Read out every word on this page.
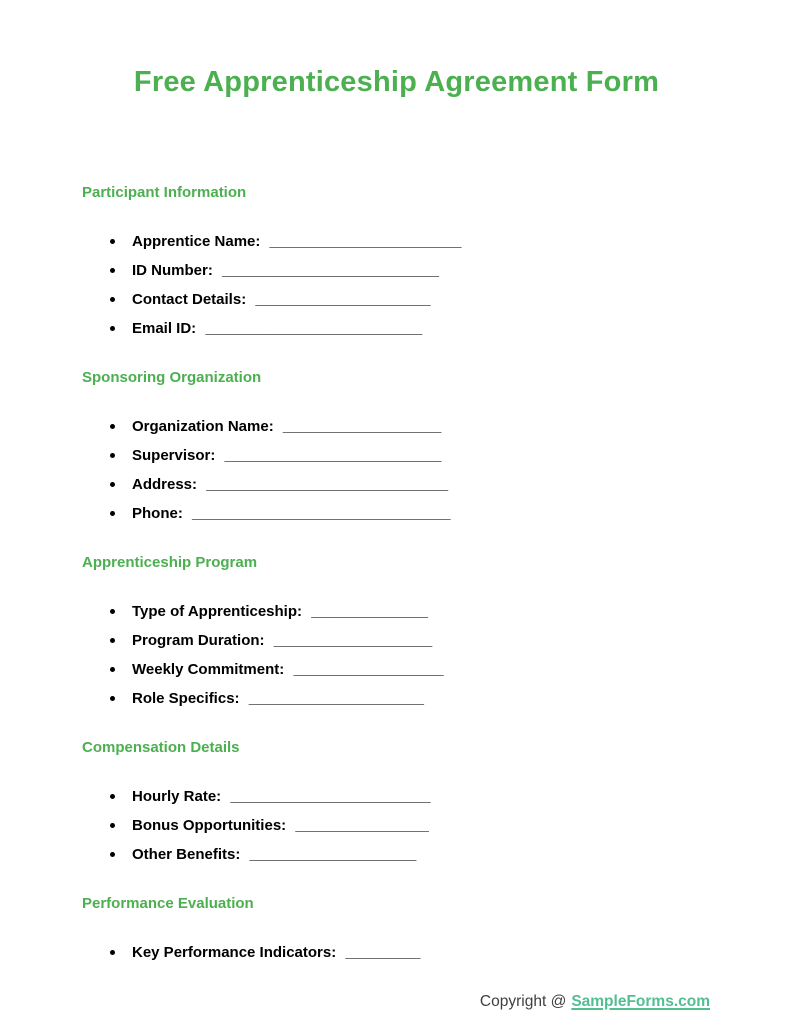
Free Apprenticeship Agreement Form
Participant Information
Apprentice Name: _______________________
ID Number: __________________________
Contact Details: _____________________
Email ID: __________________________
Sponsoring Organization
Organization Name: ___________________
Supervisor: __________________________
Address: _____________________________
Phone: _______________________________
Apprenticeship Program
Type of Apprenticeship: ______________
Program Duration: ___________________
Weekly Commitment: __________________
Role Specifics: _____________________
Compensation Details
Hourly Rate: ________________________
Bonus Opportunities: ________________
Other Benefits: ____________________
Performance Evaluation
Key Performance Indicators: _________
Copyright @ SampleForms.com
